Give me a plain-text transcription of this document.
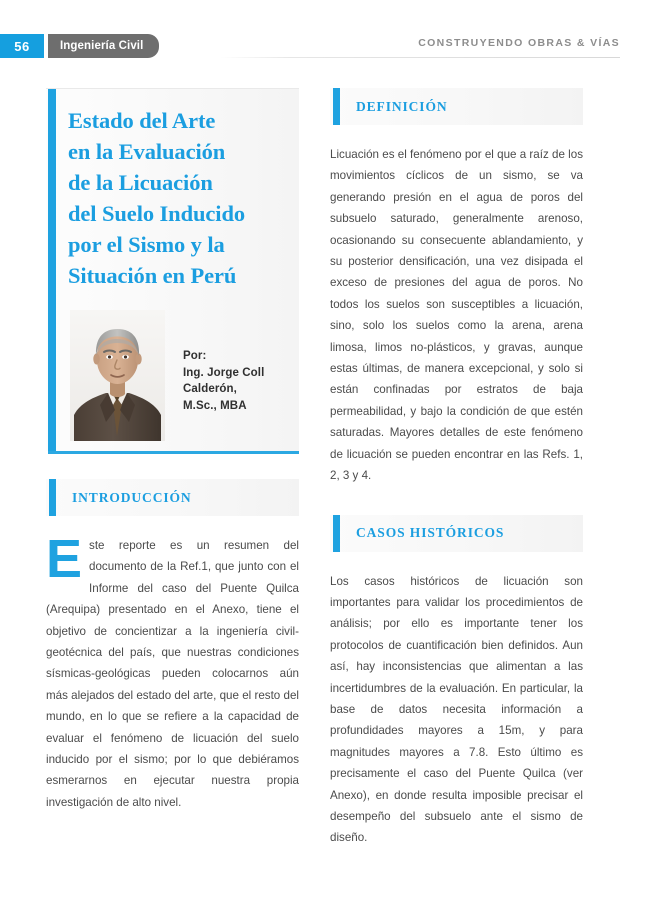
56	Ingeniería Civil	CONSTRUYENDO OBRAS & VÍAS
Estado del Arte
en la Evaluación
de la Licuación
del Suelo Inducido
por el Sismo y la
Situación en Perú
Por:
Ing. Jorge Coll
Calderón,
M.Sc., MBA
INTRODUCCIÓN

Este reporte es un resumen del documento de la Ref.1, que junto con el Informe del caso del Puente Quilca (Arequipa) presentado en el Anexo, tiene el objetivo de concientizar a la ingeniería civil-geotécnica del país, que nuestras condiciones sísmicas-geológicas pueden colocarnos aún más alejados del estado del arte, que el resto del mundo, en lo que se refiere a la capacidad de evaluar el fenómeno de licuación del suelo inducido por el sismo; por lo que debiéramos esmerarnos en ejecutar nuestra propia investigación de alto nivel.

DEFINICIÓN

Licuación es el fenómeno por el que a raíz de los movimientos cíclicos de un sismo, se va generando presión en el agua de poros del subsuelo saturado, generalmente arenoso, ocasionando su consecuente ablandamiento, y su posterior densificación, una vez disipada el exceso de presiones del agua de poros. No todos los suelos son susceptibles a licuación, sino, solo los suelos como la arena, arena limosa, limos no-plásticos, y gravas, aunque estas últimas, de manera excepcional, y solo si están confinadas por estratos de baja permeabilidad, y bajo la condición de que estén saturadas. Mayores detalles de este fenómeno de licuación se pueden encontrar en las Refs. 1, 2, 3 y 4.

CASOS HISTÓRICOS

Los casos históricos de licuación son importantes para validar los procedimientos de análisis; por ello es importante tener los protocolos de cuantificación bien definidos. Aun así, hay inconsistencias que alimentan a las incertidumbres de la evaluación. En particular, la base de datos necesita información a profundidades mayores a 15m, y para magnitudes mayores a 7.8. Esto último es precisamente el caso del Puente Quilca (ver Anexo), en donde resulta imposible precisar el desempeño del subsuelo ante el sismo de diseño.
